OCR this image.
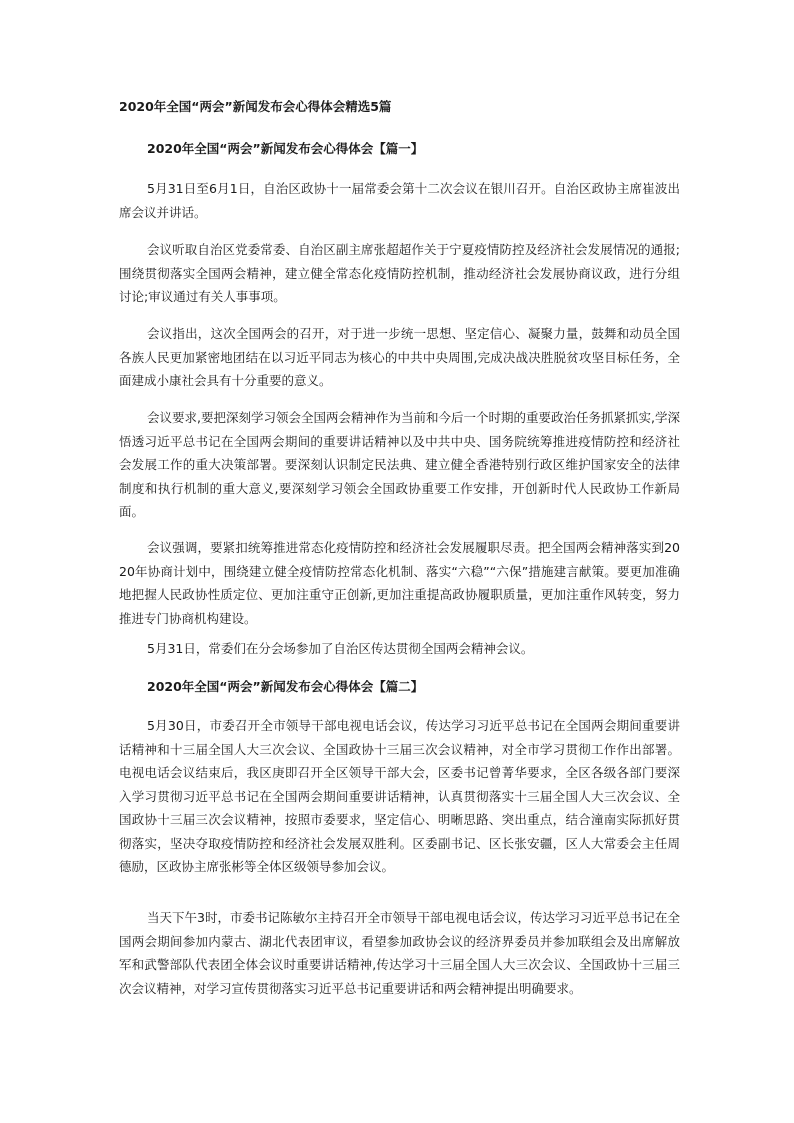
2020年全国“两会”新闻发布会心得体会精选5篇
2020年全国“两会”新闻发布会心得体会【篇一】

5月31日至6月1日，自治区政协十一届常委会第十二次会议在银川召开。自治区政协主席崔波出席会议并讲话。

会议听取自治区党委常委、自治区副主席张超超作关于宁夏疫情防控及经济社会发展情况的通报;围绕贯彻落实全国两会精神，建立健全常态化疫情防控机制，推动经济社会发展协商议政，进行分组讨论;审议通过有关人事事项。

会议指出，这次全国两会的召开，对于进一步统一思想、坚定信心、凝聚力量，鼓舞和动员全国各族人民更加紧密地团结在以习近平同志为核心的中共中央周围,完成决战决胜脱贫攻坚目标任务，全面建成小康社会具有十分重要的意义。

会议要求,要把深刻学习领会全国两会精神作为当前和今后一个时期的重要政治任务抓紧抓实,学深悟透习近平总书记在全国两会期间的重要讲话精神以及中共中央、国务院统筹推进疫情防控和经济社会发展工作的重大决策部署。要深刻认识制定民法典、建立健全香港特别行政区维护国家安全的法律制度和执行机制的重大意义,要深刻学习领会全国政协重要工作安排，开创新时代人民政协工作新局面。

会议强调，要紧扣统筹推进常态化疫情防控和经济社会发展履职尽责。把全国两会精神落实到2020年协商计划中，围绕建立健全疫情防控常态化机制、落实“六稳”“六保”措施建言献策。要更加准确地把握人民政协性质定位、更加注重守正创新,更加注重提高政协履职质量，更加注重作风转变，努力推进专门协商机构建设。

5月31日，常委们在分会场参加了自治区传达贯彻全国两会精神会议。

2020年全国“两会”新闻发布会心得体会【篇二】

5月30日，市委召开全市领导干部电视电话会议，传达学习习近平总书记在全国两会期间重要讲话精神和十三届全国人大三次会议、全国政协十三届三次会议精神，对全市学习贯彻工作作出部署。电视电话会议结束后，我区庚即召开全区领导干部大会，区委书记曾菁华要求，全区各级各部门要深入学习贯彻习近平总书记在全国两会期间重要讲话精神，认真贯彻落实十三届全国人大三次会议、全国政协十三届三次会议精神，按照市委要求，坚定信心、明晰思路、突出重点，结合潼南实际抓好贯彻落实，坚决夺取疫情防控和经济社会发展双胜利。区委副书记、区长张安疆，区人大常委会主任周德励，区政协主席张彬等全体区级领导参加会议。

当天下午3时，市委书记陈敏尔主持召开全市领导干部电视电话会议，传达学习习近平总书记在全国两会期间参加内蒙古、湖北代表团审议，看望参加政协会议的经济界委员并参加联组会及出席解放军和武警部队代表团全体会议时重要讲话精神,传达学习十三届全国人大三次会议、全国政协十三届三次会议精神，对学习宣传贯彻落实习近平总书记重要讲话和两会精神提出明确要求。
